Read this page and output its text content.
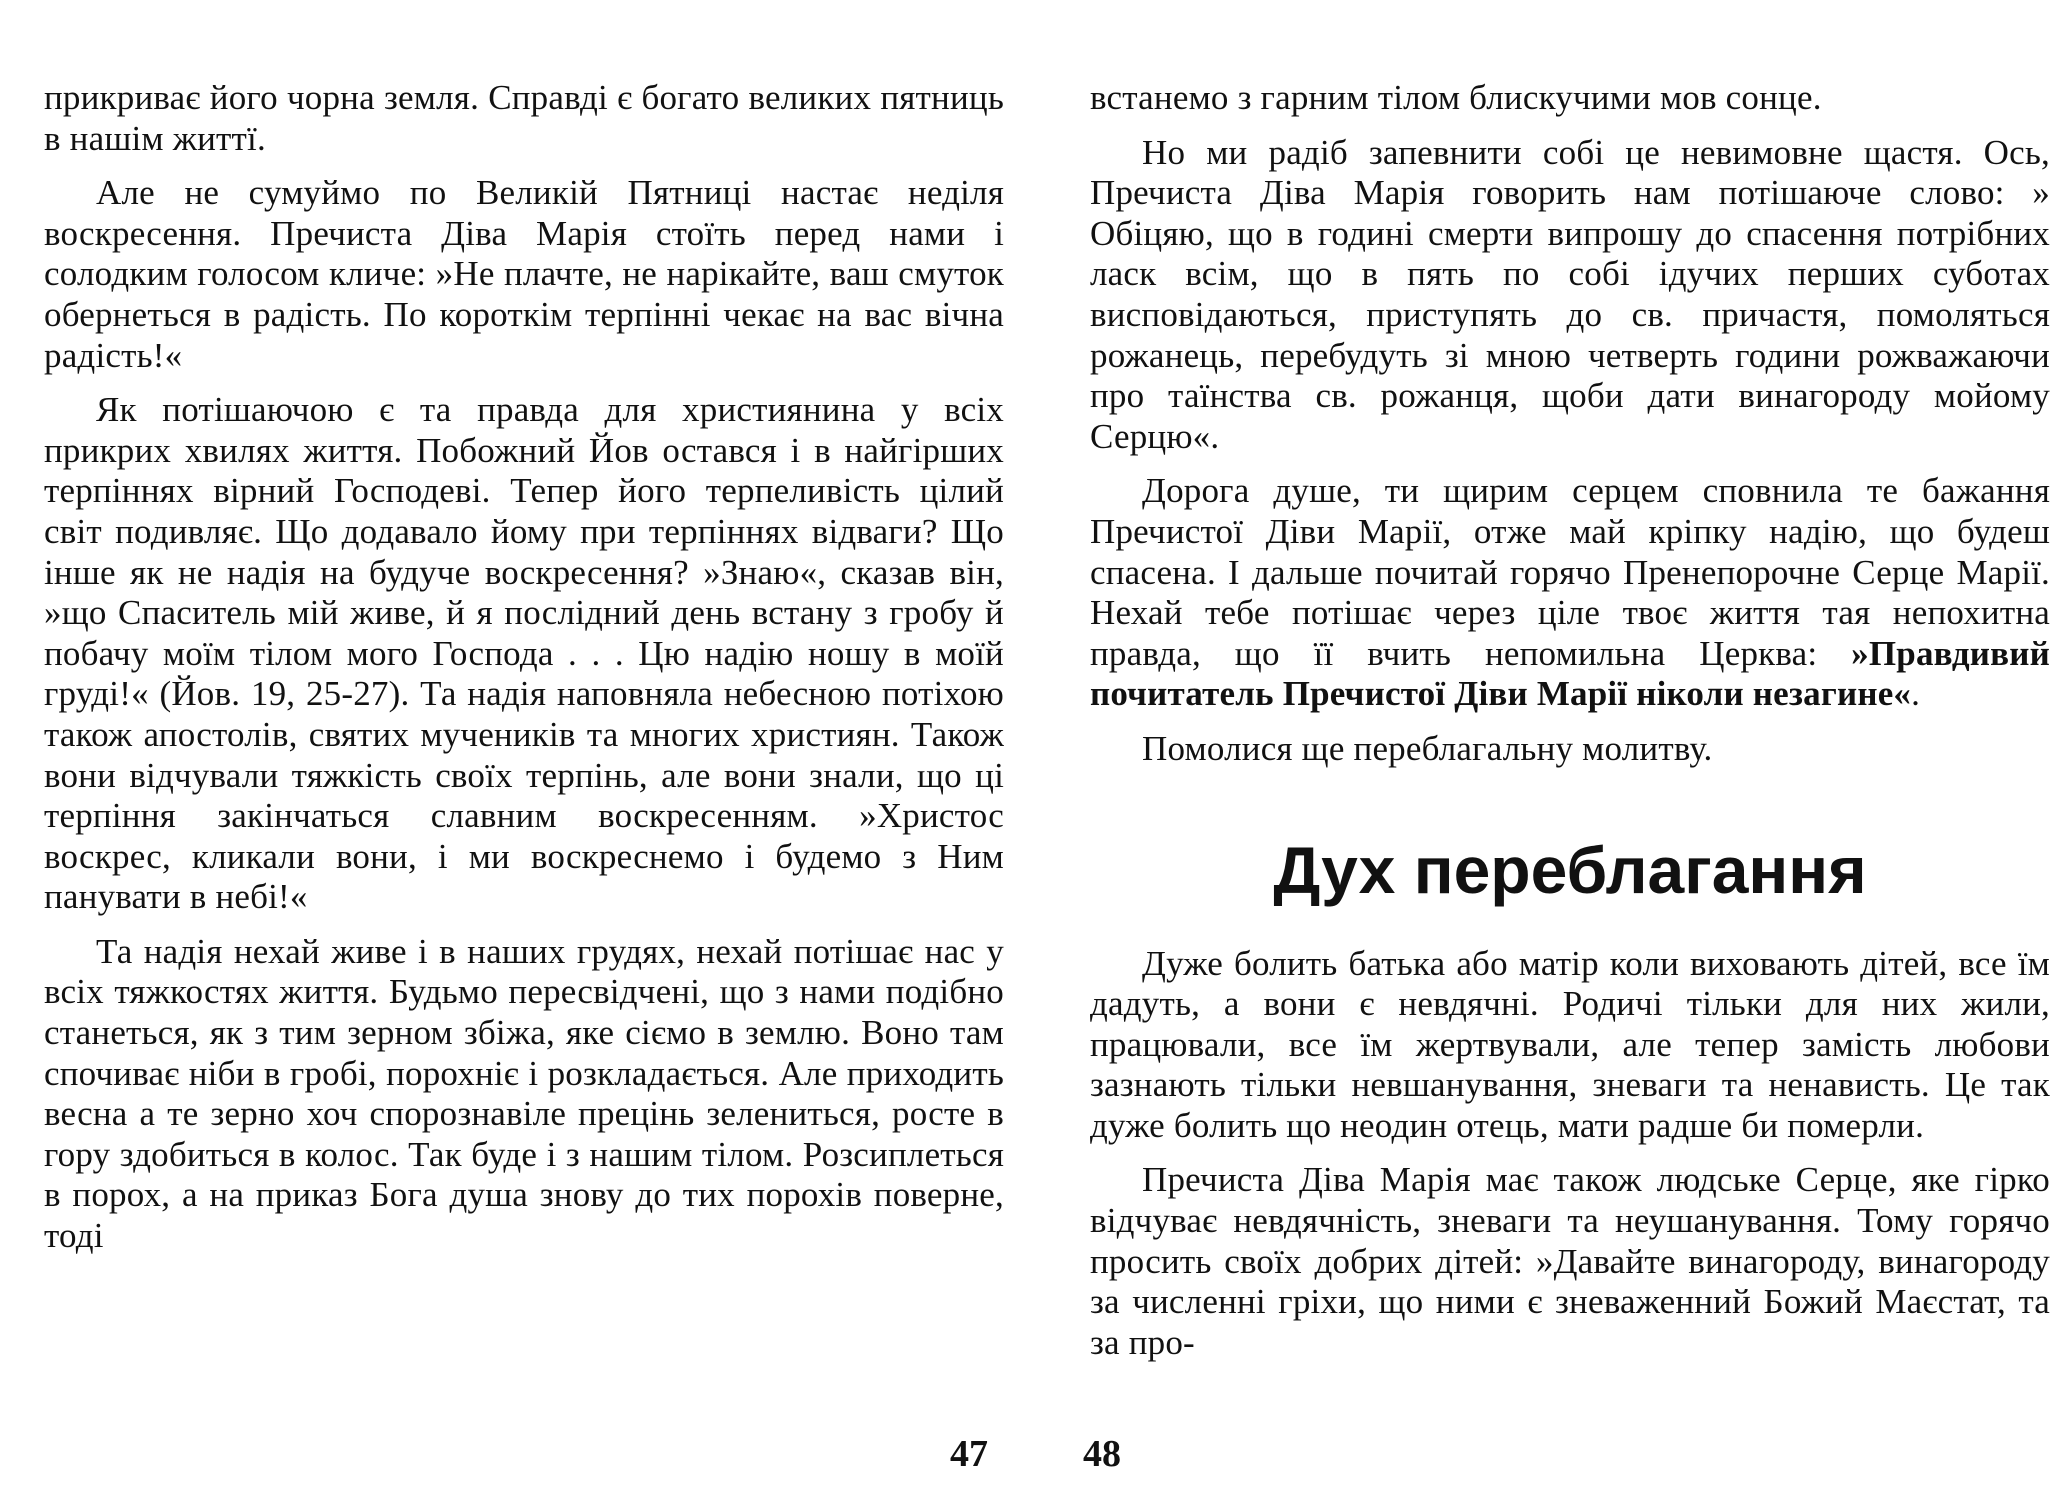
прикриває його чорна земля. Справді є богато великих пятниць в нашім життї.

Але не сумуймо по Великій Пятниці настає неділя воскресення. Пречиста Діва Марія стоїть перед нами і солодким голосом кличе: »Не плачте, не нарікайте, ваш смуток обернеться в радість. По короткім терпінні чекає на вас вічна радість!«

Як потішаючою є та правда для християнина у всіх прикрих хвилях життя. Побожний Йов остався і в найгірших терпіннях вірний Господеві. Тепер його терпеливість цілий світ подивляє. Що додавало йому при терпіннях відваги? Що інше як не надія на будуче воскресення? »Знаю«, сказав він, »що Спаситель мій живе, й я послідний день встану з гробу й побачу моїм тілом мого Господа . . . Цю надію ношу в моїй груді!« (Йов. 19, 25-27). Та надія наповняла небесною потіхою також апостолів, святих мучеників та многих християн. Також вони відчували тяжкість своїх терпінь, але вони знали, що ці терпіння закінчаться славним воскресенням. »Христос воскрес, кликали вони, і ми воскреснемо і будемо з Ним панувати в небі!«

Та надія нехай живе і в наших грудях, нехай потішає нас у всіх тяжкостях життя. Будьмо пересвідчені, що з нами подібно станеться, як з тим зерном збіжа, яке сіємо в землю. Воно там спочиває ніби в гробі, порохніє і розкладається. Але приходить весна а те зерно хоч спорознавіле прецінь зелениться, росте в гору здобиться в колос. Так буде і з нашим тілом. Розсиплеться в порох, а на приказ Бога душа знову до тих порохів поверне, тоді

встанемо з гарним тілом блискучими мов сонце.

Но ми радіб запевнити собі це невимовне щастя. Ось, Пречиста Діва Марія говорить нам потішаюче слово: » Обіцяю, що в годині смерти випрошу до спасення потрібних ласк всім, що в пять по собі ідучих перших суботах висповідаються, приступять до св. причастя, помоляться рожанець, перебудуть зі мною четверть години рожважаючи про таїнства св. рожанця, щоби дати винагороду мойому Серцю«.

Дорога душе, ти щирим серцем сповнила те бажання Пречистої Діви Марії, отже май кріпку надію, що будеш спасена. І дальше почитай горячо Пренепорочне Серце Марії. Нехай тебе потішає через ціле твоє життя тая непохитна правда, що її вчить непомильна Церква: »Правдивий почитатель Пречистої Діви Марії ніколи незагине«.

Помолися ще переблагальну молитву.

Дух переблагання

Дуже болить батька або матір коли виховають дітей, все їм дадуть, а вони є невдячні. Родичі тільки для них жили, працювали, все їм жертвували, але тепер замість любови зазнають тільки невшанування, зневаги та ненависть. Це так дуже болить що неодин отець, мати радше би померли.

Пречиста Діва Марія має також людське Серце, яке гірко відчуває невдячність, зневаги та неушанування. Тому горячо просить своїх добрих дітей: »Давайте винагороду, винагороду за численні гріхи, що ними є зневаженний Божий Маєстат, та за про-

47	48
